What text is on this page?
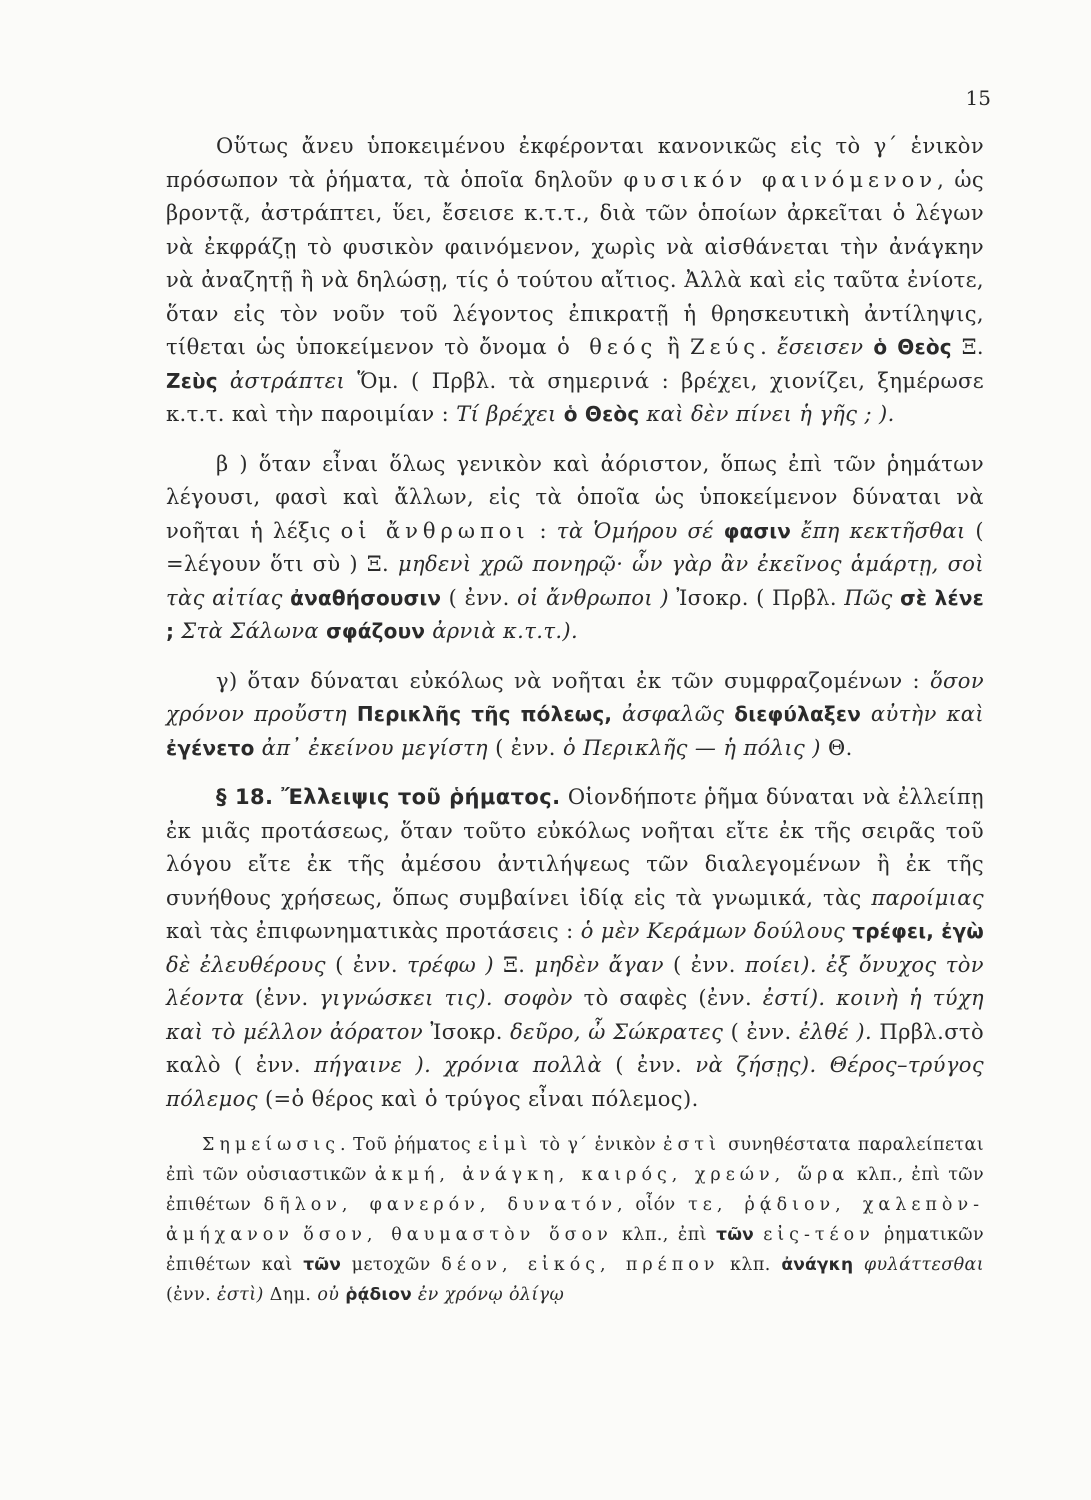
15

Οὕτως ἄνευ ὑποκειμένου ἐκφέρονται κανονικῶς εἰς τὸ γ΄ ἑνικὸν πρόσωπον τὰ ῥήματα, τὰ ὁποῖα δηλοῦν φυσικόν φαινόμενον, ὡς βροντᾷ, ἀστράπτει, ὕει, ἔσεισε κ.τ.τ., διὰ τῶν ὁποίων ἀρκεῖται ὁ λέγων νὰ ἐκφράζῃ τὸ φυσικὸν φαινόμενον, χωρὶς νὰ αἰσθάνεται τὴν ἀνάγκην νὰ ἀναζητῇ ἢ νὰ δηλώσῃ, τίς ὁ τούτου αἴτιος. Ἀλλὰ καὶ εἰς ταῦτα ἐνίοτε, ὅταν εἰς τὸν νοῦν τοῦ λέγοντος ἐπικρατῇ ἡ θρησκευτικὴ ἀντίληψις, τίθεται ὡς ὑποκείμενον τὸ ὄνομα ὁ θεός ἢ Ζεύς. ἔσεισεν ὁ Θεὸς Ξ. Ζεὺς ἀστράπτει Ὅμ. ( Πρβλ. τὰ σημερινά : βρέχει, χιονίζει, ξημέρωσε κ.τ.τ. καὶ τὴν παροιμίαν : Τί βρέχει ὁ Θεὸς καὶ δὲν πίνει ἡ γῆς ; ).

β ) ὅταν εἶναι ὅλως γενικὸν καὶ ἀόριστον, ὅπως ἐπὶ τῶν ῥημάτων λέγουσι, φασὶ καὶ ἄλλων, εἰς τὰ ὁποῖα ὡς ὑποκείμενον δύναται νὰ νοῆται ἡ λέξις οἱ ἄνθρωποι : τὰ Ὁμήρου σέ φασιν ἔπη κεκτῆσθαι ( =λέγουν ὅτι σὺ ) Ξ. μηδενὶ χρῶ πονηρῷ· ὧν γὰρ ἂν ἐκεῖνος ἁμάρτῃ, σοὶ τὰς αἰτίας ἀναθήσουσιν ( ἐνν. οἱ ἄνθρωποι ) Ἰσοκρ. ( Πρβλ. Πῶς σὲ λένε ; Στὰ Σάλωνα σφάζουν ἀρνιὰ κ.τ.τ.).

γ) ὅταν δύναται εὐκόλως νὰ νοῆται ἐκ τῶν συμφραζομένων : ὅσον χρόνον προὔστη Περικλῆς τῆς πόλεως, ἀσφαλῶς διεφύλαξεν αὐτὴν καὶ ἐγένετο ἀπ᾽ ἐκείνου μεγίστη ( ἐνν. ὁ Περικλῆς — ἡ πόλις ) Θ.

§ 18. Ἔλλειψις τοῦ ῥήματος. Οἱονδήποτε ῥῆμα δύναται νὰ ἐλλείπῃ ἐκ μιᾶς προτάσεως, ὅταν τοῦτο εὐκόλως νοῆται εἴτε ἐκ τῆς σειρᾶς τοῦ λόγου εἴτε ἐκ τῆς ἀμέσου ἀντιλήψεως τῶν διαλεγομένων ἢ ἐκ τῆς συνήθους χρήσεως, ὅπως συμβαίνει ἰδίᾳ εἰς τὰ γνωμικά, τὰς παροίμιας καὶ τὰς ἐπιφωνηματικὰς προτάσεις : ὁ μὲν Κεράμων δούλους τρέφει, ἐγὼ δὲ ἐλευθέρους ( ἐνν. τρέφω ) Ξ. μηδὲν ἄγαν ( ἐνν. ποίει). ἐξ ὄνυχος τὸν λέοντα (ἐνν. γιγνώσκει τις). σοφὸν τὸ σαφὲς (ἐνν. ἐστί). κοινὴ ἡ τύχη καὶ τὸ μέλλον ἀόρατον Ἰσοκρ. δεῦρο, ὦ Σώκρατες ( ἐνν. ἐλθέ ). Πρβλ.στὸ καλὸ ( ἐνν. πήγαινε ). χρόνια πολλὰ ( ἐνν. νὰ ζήσῃς). Θέρος–τρύγος πόλεμος (=ὁ θέρος καὶ ὁ τρύγος εἶναι πόλεμος).

Σημείωσις. Τοῦ ῥήματος εἰμὶ τὸ γ΄ ἑνικὸν ἐστὶ συνηθέστατα παραλείπεται ἐπὶ τῶν οὐσιαστικῶν ἀκμή, ἀνάγκη, καιρός, χρεών, ὥρα κλπ., ἐπὶ τῶν ἐπιθέτων δῆλον, φανερόν, δυνατόν, οἷόν τε, ῥᾴδιον, χαλεπὸν-ἀμήχανον ὅσον, θαυμαστὸν ὅσον κλπ., ἐπὶ τῶν εἰς-τέον ῥηματικῶν ἐπιθέτων καὶ τῶν μετοχῶν δέον, εἰκός, πρέπον κλπ. ἀνάγκη φυλάττεσθαι (ἐνν. ἐστὶ) Δημ. οὐ ῥᾴδιον ἐν χρόνῳ ὀλίγῳ
